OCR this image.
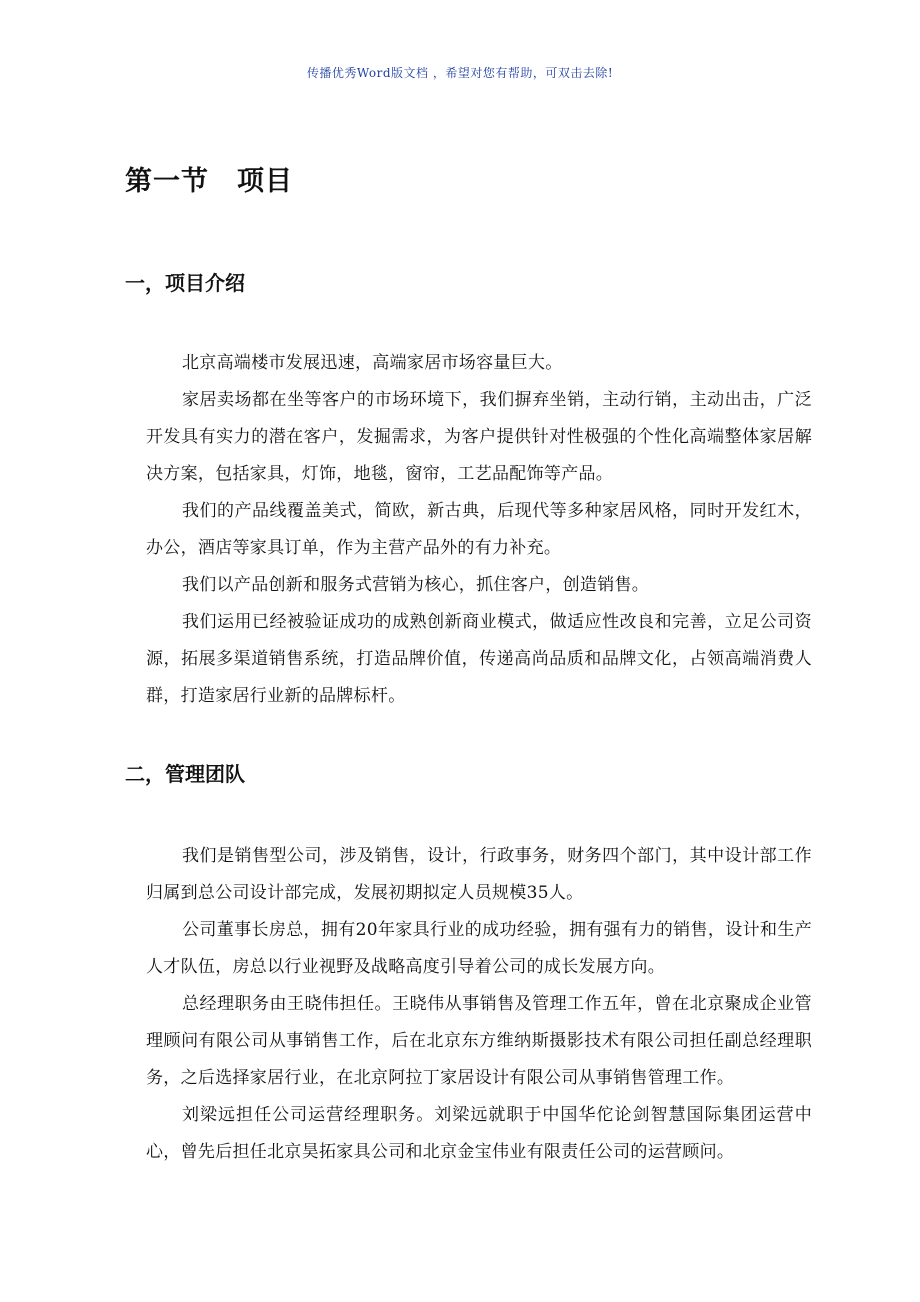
传播优秀Word版文档 ，希望对您有帮助，可双击去除!
第一节 项目
一，项目介绍

北京高端楼市发展迅速，高端家居市场容量巨大。

家居卖场都在坐等客户的市场环境下，我们摒弃坐销，主动行销，主动出击，广泛开发具有实力的潜在客户，发掘需求，为客户提供针对性极强的个性化高端整体家居解决方案，包括家具，灯饰，地毯，窗帘，工艺品配饰等产品。

我们的产品线覆盖美式，简欧，新古典，后现代等多种家居风格，同时开发红木，办公，酒店等家具订单，作为主营产品外的有力补充。

我们以产品创新和服务式营销为核心，抓住客户，创造销售。

我们运用已经被验证成功的成熟创新商业模式，做适应性改良和完善，立足公司资源，拓展多渠道销售系统，打造品牌价值，传递高尚品质和品牌文化，占领高端消费人群，打造家居行业新的品牌标杆。

二，管理团队

我们是销售型公司，涉及销售，设计，行政事务，财务四个部门，其中设计部工作归属到总公司设计部完成，发展初期拟定人员规模35人。

公司董事长房总，拥有20年家具行业的成功经验，拥有强有力的销售，设计和生产人才队伍，房总以行业视野及战略高度引导着公司的成长发展方向。

总经理职务由王晓伟担任。王晓伟从事销售及管理工作五年，曾在北京聚成企业管理顾问有限公司从事销售工作，后在北京东方维纳斯摄影技术有限公司担任副总经理职务，之后选择家居行业，在北京阿拉丁家居设计有限公司从事销售管理工作。

刘梁远担任公司运营经理职务。刘梁远就职于中国华佗论剑智慧国际集团运营中心，曾先后担任北京昊拓家具公司和北京金宝伟业有限责任公司的运营顾问。
